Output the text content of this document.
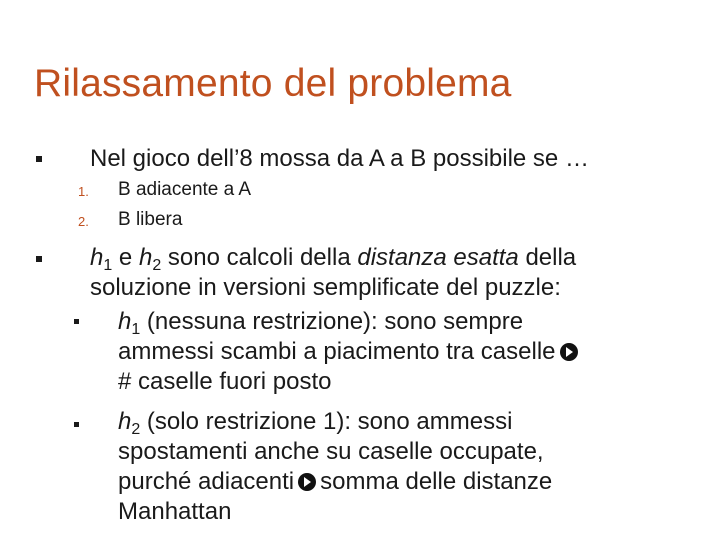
Rilassamento del problema
Nel gioco dell’8 mossa da A a B possibile se …
1. B adiacente a A
2. B libera
$h_1$ e $h_2$ sono calcoli della distanza esatta della
soluzione in versioni semplificate del puzzle:
$h_1$ (nessuna restrizione): sono sempre
ammessi scambi a piacimento tra caselle
# caselle fuori posto
$h_2$ (solo restrizione 1): sono ammessi
spostamenti anche su caselle occupate,
purché adiacenti somma delle distanze
Manhattan
